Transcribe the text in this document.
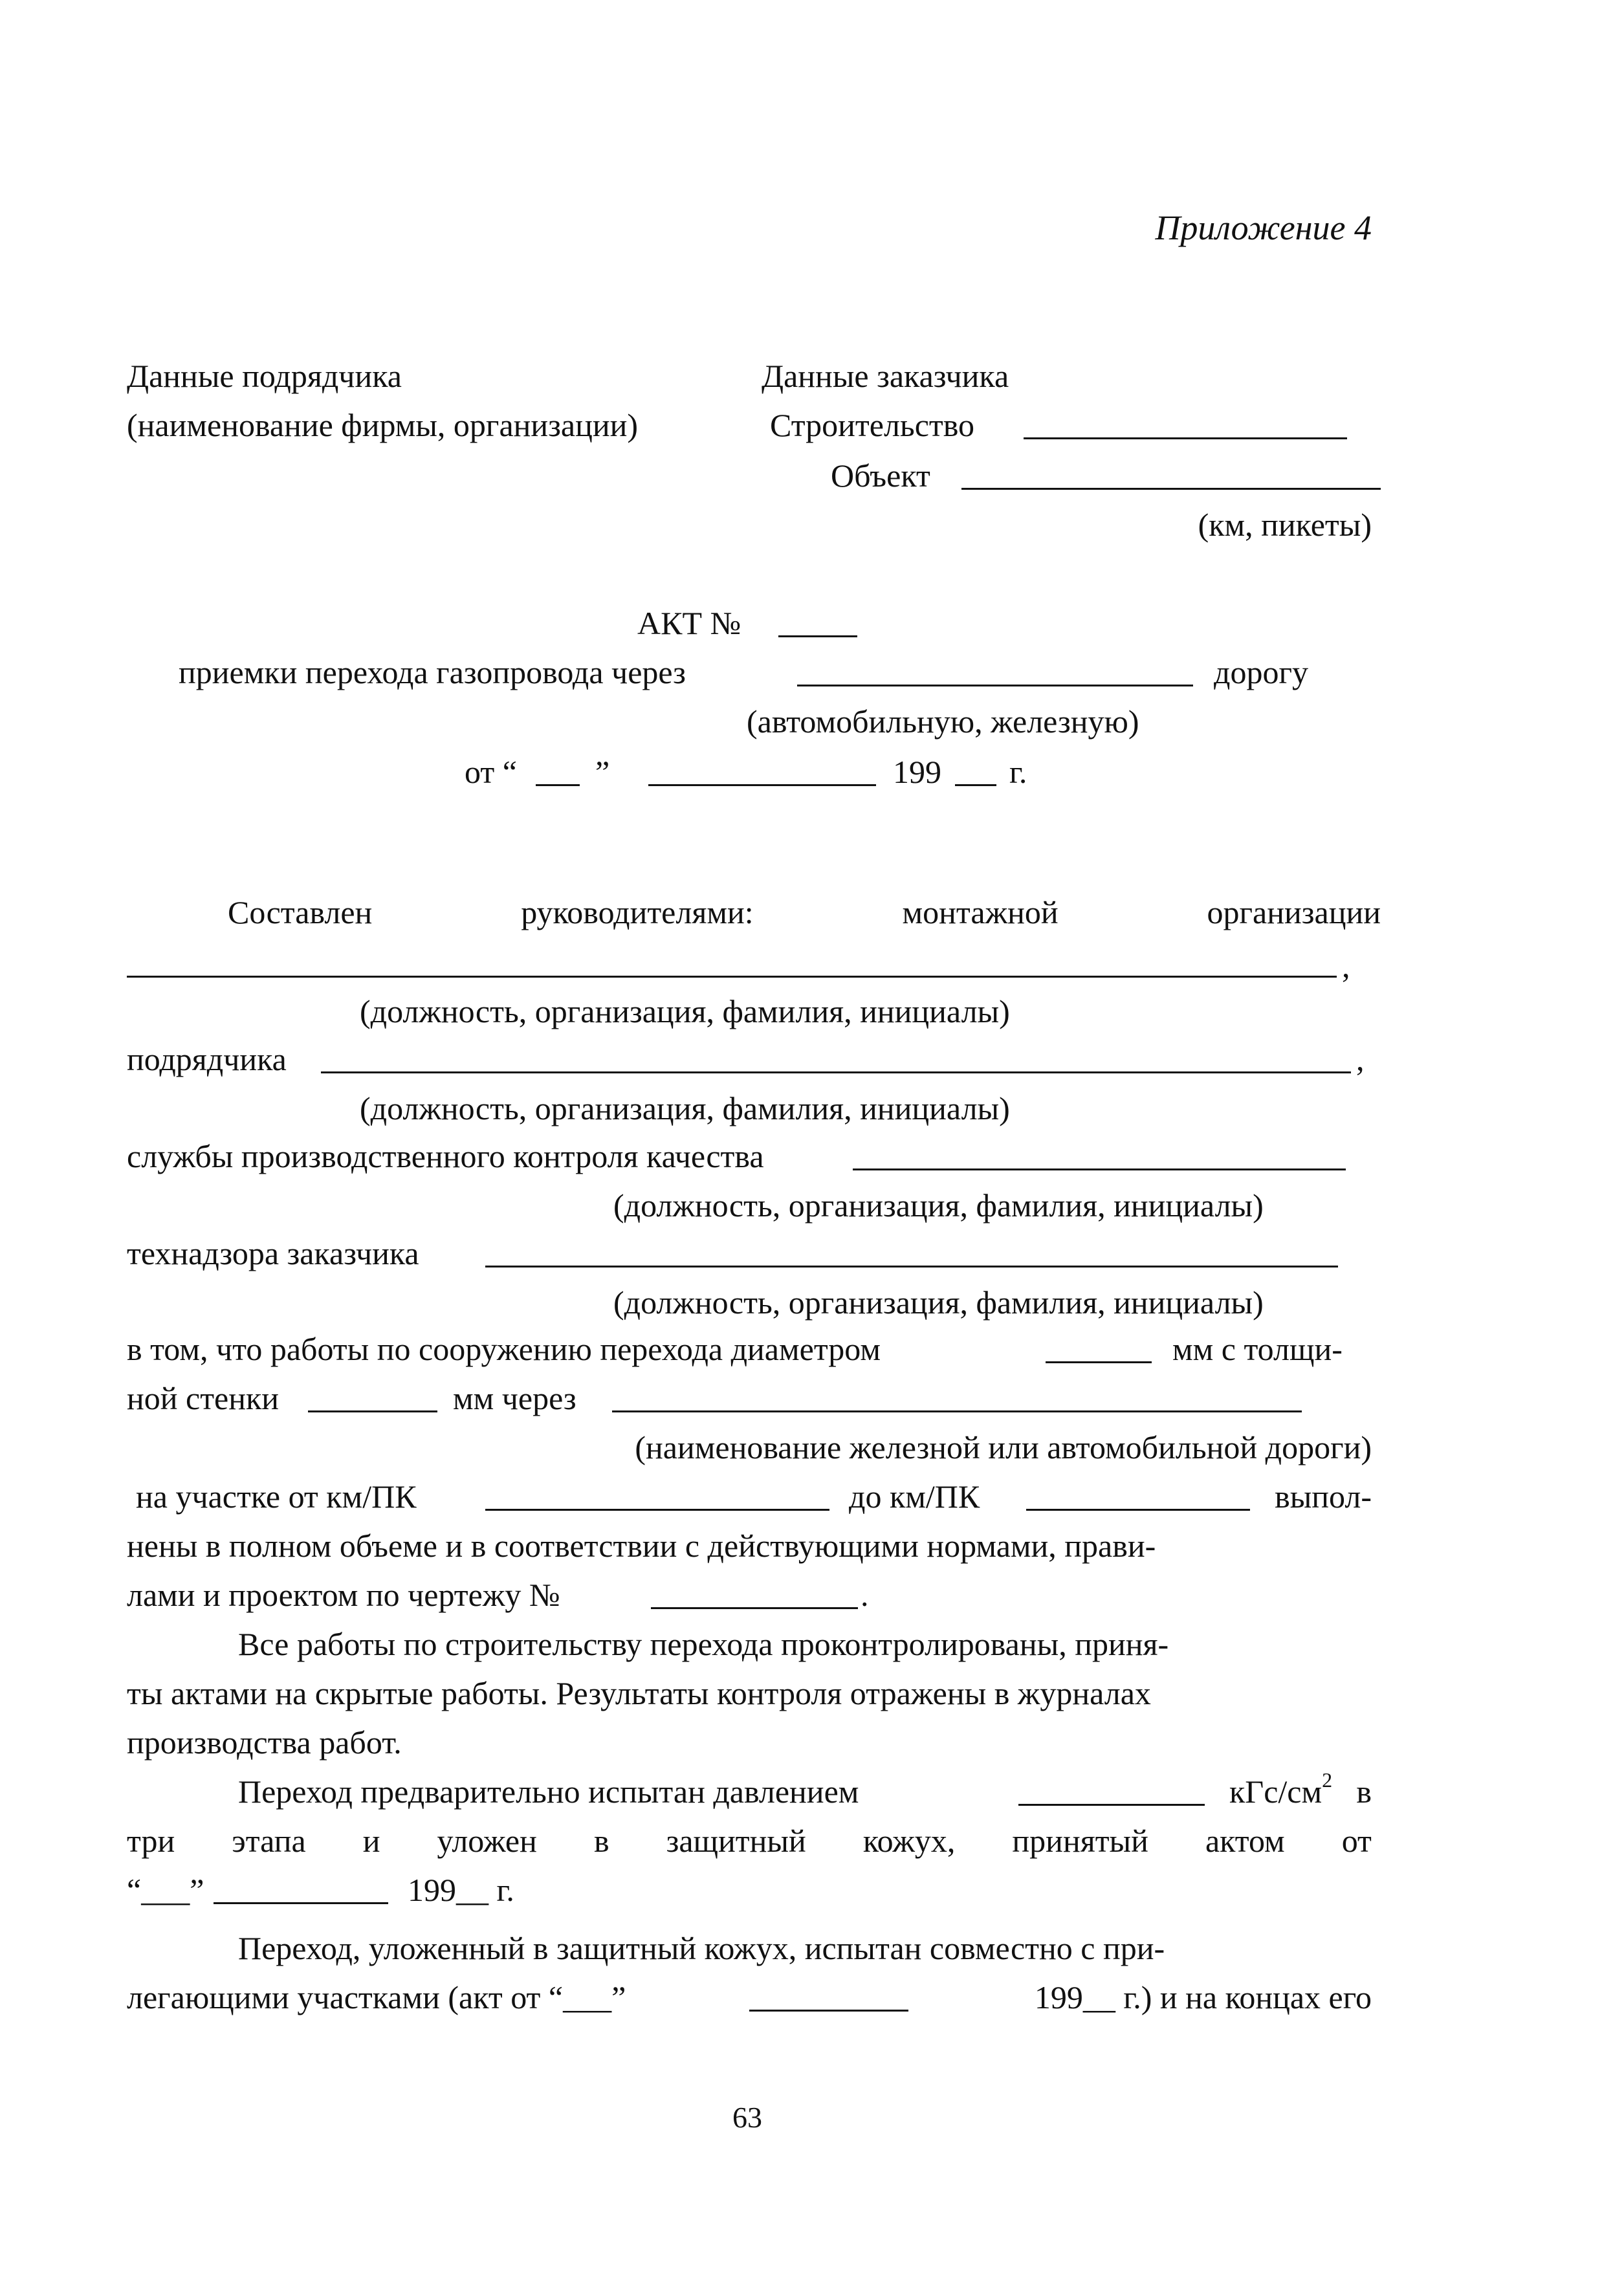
Приложение 4
Данные подрядчика
(наименование фирмы, организации)
Данные заказчика
Строительство
Объект
(км, пикеты)
АКТ №
приемки перехода газопровода через	дорогу
(автомобильную, железную)
от “ ”	199 г.
Составлен	руководителями:	монтажной	организации
,
(должность, организация, фамилия, инициалы)
подрядчика	,
(должность, организация, фамилия, инициалы)
службы производственного контроля качества
(должность, организация, фамилия, инициалы)
технадзора заказчика
(должность, организация, фамилия, инициалы)
в том, что работы по сооружению перехода диаметром	мм с толщи-
ной стенки	мм через
(наименование железной или автомобильной дороги)
на участке от км/ПК	до км/ПК	выпол-
нены в полном объеме и в соответствии с действующими нормами, прави-
лами и проектом по чертежу №	.
Все работы по строительству перехода проконтролированы, приня-
ты актами на скрытые работы. Результаты контроля отражены в журналах
производства работ.
Переход предварительно испытан давлением	кГс/$см^2$ в
три этапа и уложен в защитный кожух, принятый актом от
“___”	199__ г.
Переход, уложенный в защитный кожух, испытан совместно с при-
легающими участками (акт от “___”	199__ г.) и на концах его
63
